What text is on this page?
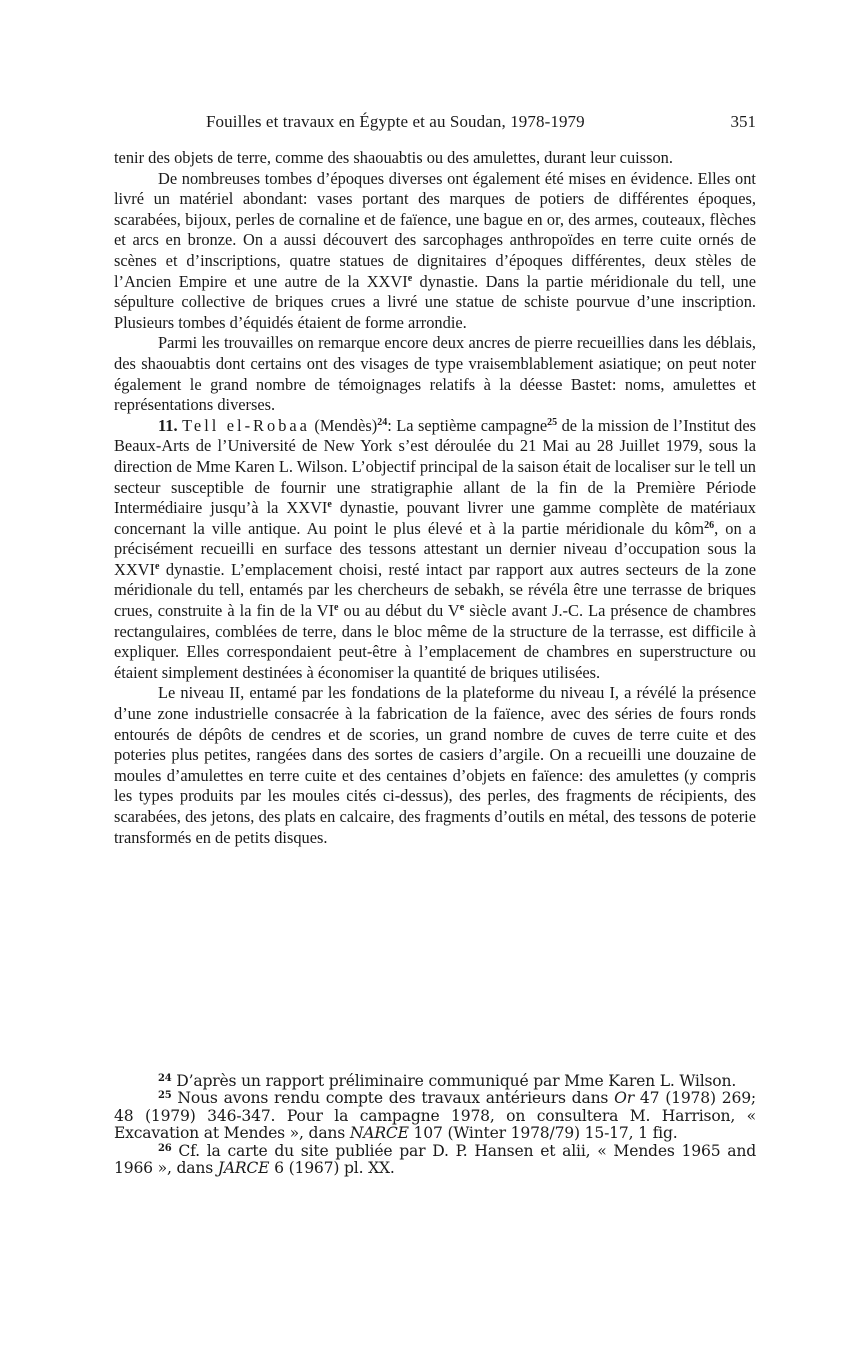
Fouilles et travaux en Égypte et au Soudan, 1978-1979	351

tenir des objets de terre, comme des shaouabtis ou des amulettes, durant leur cuisson.

De nombreuses tombes d’époques diverses ont également été mises en évidence. Elles ont livré un matériel abondant: vases portant des marques de potiers de différentes époques, scarabées, bijoux, perles de cornaline et de faïence, une bague en or, des armes, couteaux, flèches et arcs en bronze. On a aussi découvert des sarcophages anthropoïdes en terre cuite ornés de scènes et d’inscriptions, quatre statues de dignitaires d’époques différentes, deux stèles de l’Ancien Empire et une autre de la XXVIe dynastie. Dans la partie méridionale du tell, une sépulture collective de briques crues a livré une statue de schiste pourvue d’une inscription. Plusieurs tombes d’équidés étaient de forme arrondie.

Parmi les trouvailles on remarque encore deux ancres de pierre recueillies dans les déblais, des shaouabtis dont certains ont des visages de type vraisemblablement asiatique; on peut noter également le grand nombre de témoignages relatifs à la déesse Bastet: noms, amulettes et représentations diverses.

11. Tell el-Robaa (Mendès)$^{24}$: La septième campagne$^{25}$ de la mission de l’Institut des Beaux-Arts de l’Université de New York s’est déroulée du 21 Mai au 28 Juillet 1979, sous la direction de Mme Karen L. Wilson. L’objectif principal de la saison était de localiser sur le tell un secteur susceptible de fournir une stratigraphie allant de la fin de la Première Période Intermédiaire jusqu’à la XXVIe dynastie, pouvant livrer une gamme complète de matériaux concernant la ville antique. Au point le plus élevé et à la partie méridionale du kôm$^{26}$, on a précisément recueilli en surface des tessons attestant un dernier niveau d’occupation sous la XXVIe dynastie. L’emplacement choisi, resté intact par rapport aux autres secteurs de la zone méridionale du tell, entamés par les chercheurs de sebakh, se révéla être une terrasse de briques crues, construite à la fin de la VIe ou au début du Ve siècle avant J.-C. La présence de chambres rectangulaires, comblées de terre, dans le bloc même de la structure de la terrasse, est difficile à expliquer. Elles correspondaient peut-être à l’emplacement de chambres en superstructure ou étaient simplement destinées à économiser la quantité de briques utilisées.

Le niveau II, entamé par les fondations de la plateforme du niveau I, a révélé la présence d’une zone industrielle consacrée à la fabrication de la faïence, avec des séries de fours ronds entourés de dépôts de cendres et de scories, un grand nombre de cuves de terre cuite et des poteries plus petites, rangées dans des sortes de casiers d’argile. On a recueilli une douzaine de moules d’amulettes en terre cuite et des centaines d’objets en faïence: des amulettes (y compris les types produits par les moules cités ci-dessus), des perles, des fragments de récipients, des scarabées, des jetons, des plats en calcaire, des fragments d’outils en métal, des tessons de poterie transformés en de petits disques.

$^{24}$ D’après un rapport préliminaire communiqué par Mme Karen L. Wilson.

$^{25}$ Nous avons rendu compte des travaux antérieurs dans Or 47 (1978) 269; 48 (1979) 346-347. Pour la campagne 1978, on consultera M. Harrison, « Excavation at Mendes », dans NARCE 107 (Winter 1978/79) 15-17, 1 fig.

$^{26}$ Cf. la carte du site publiée par D. P. Hansen et alii, « Mendes 1965 and 1966 », dans JARCE 6 (1967) pl. XX.
